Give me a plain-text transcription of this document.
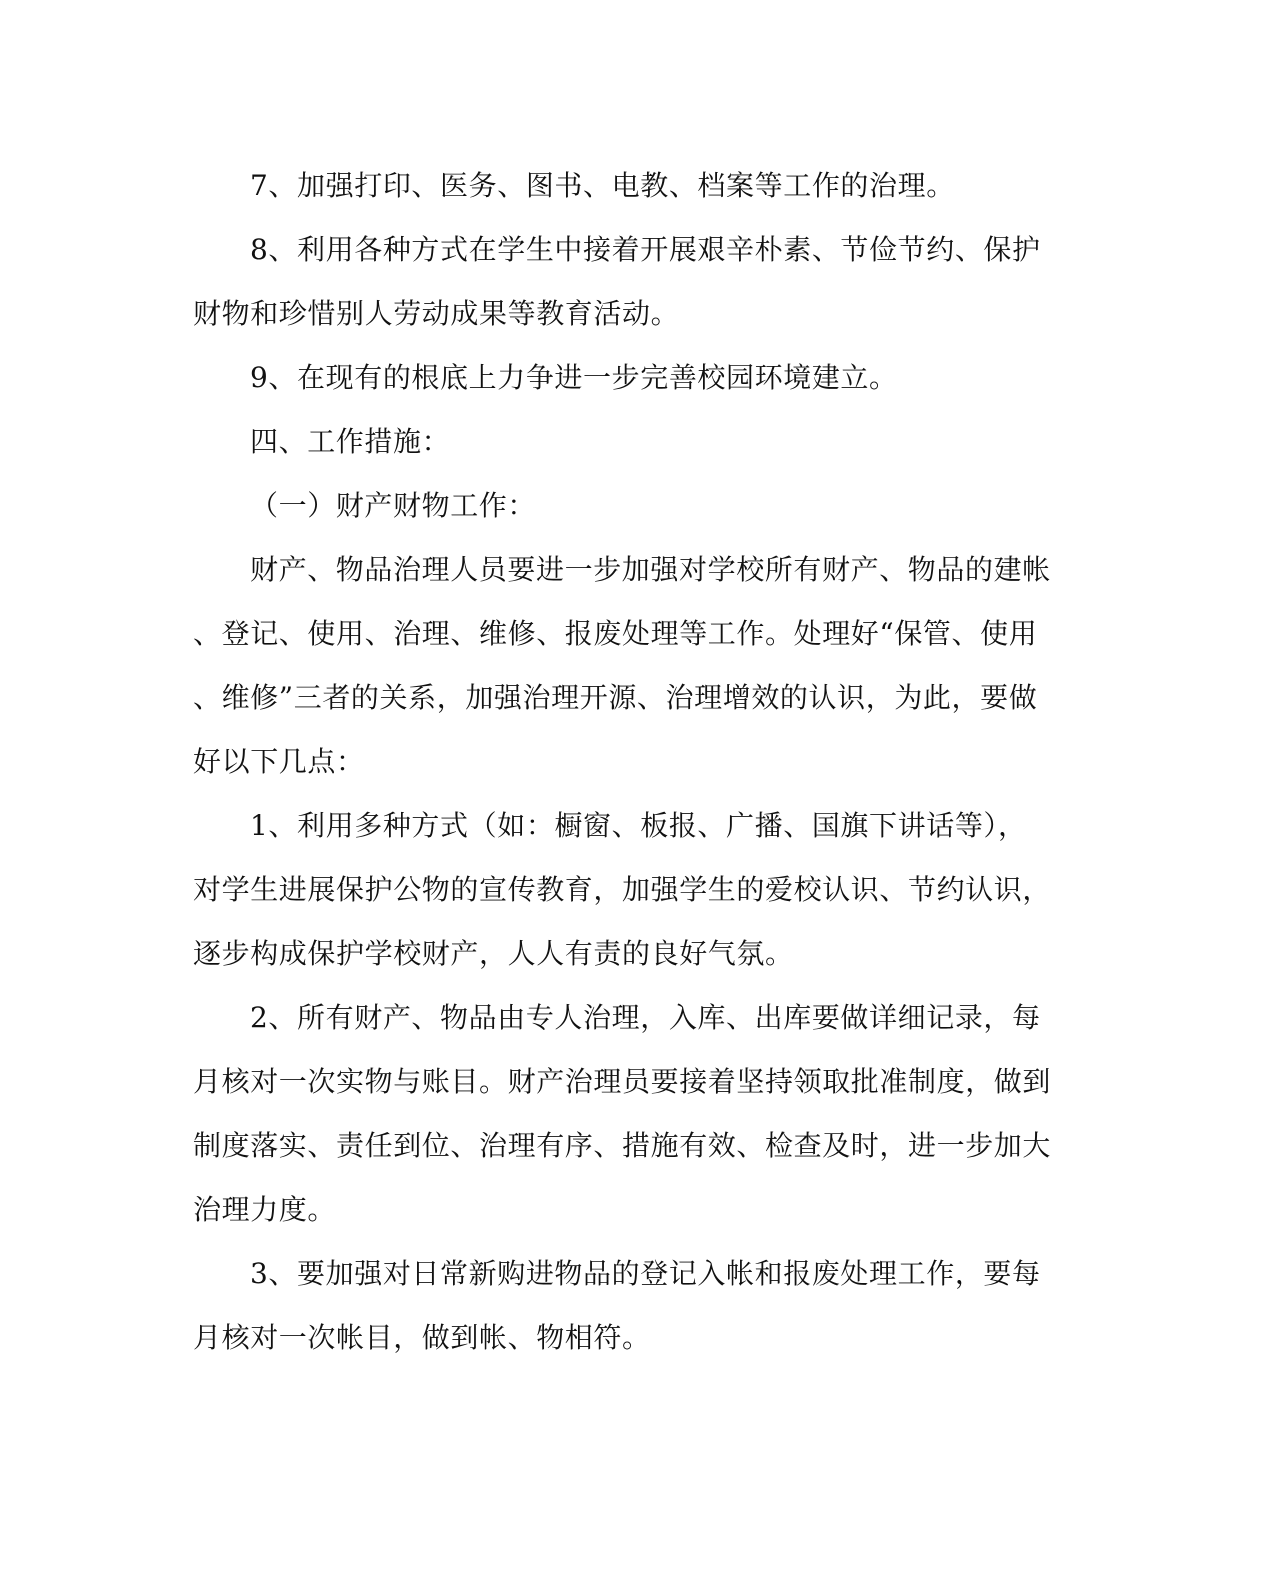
7、加强打印、医务、图书、电教、档案等工作的治理。
8、利用各种方式在学生中接着开展艰辛朴素、节俭节约、保护
财物和珍惜别人劳动成果等教育活动。
9、在现有的根底上力争进一步完善校园环境建立。
四、工作措施：
（一）财产财物工作：
财产、物品治理人员要进一步加强对学校所有财产、物品的建帐
、登记、使用、治理、维修、报废处理等工作。处理好“保管、使用
、维修”三者的关系，加强治理开源、治理增效的认识，为此，要做
好以下几点：
1、利用多种方式（如：橱窗、板报、广播、国旗下讲话等），
对学生进展保护公物的宣传教育，加强学生的爱校认识、节约认识，
逐步构成保护学校财产，人人有责的良好气氛。
2、所有财产、物品由专人治理，入库、出库要做详细记录，每
月核对一次实物与账目。财产治理员要接着坚持领取批准制度，做到
制度落实、责任到位、治理有序、措施有效、检查及时，进一步加大
治理力度。
3、要加强对日常新购进物品的登记入帐和报废处理工作，要每
月核对一次帐目，做到帐、物相符。
